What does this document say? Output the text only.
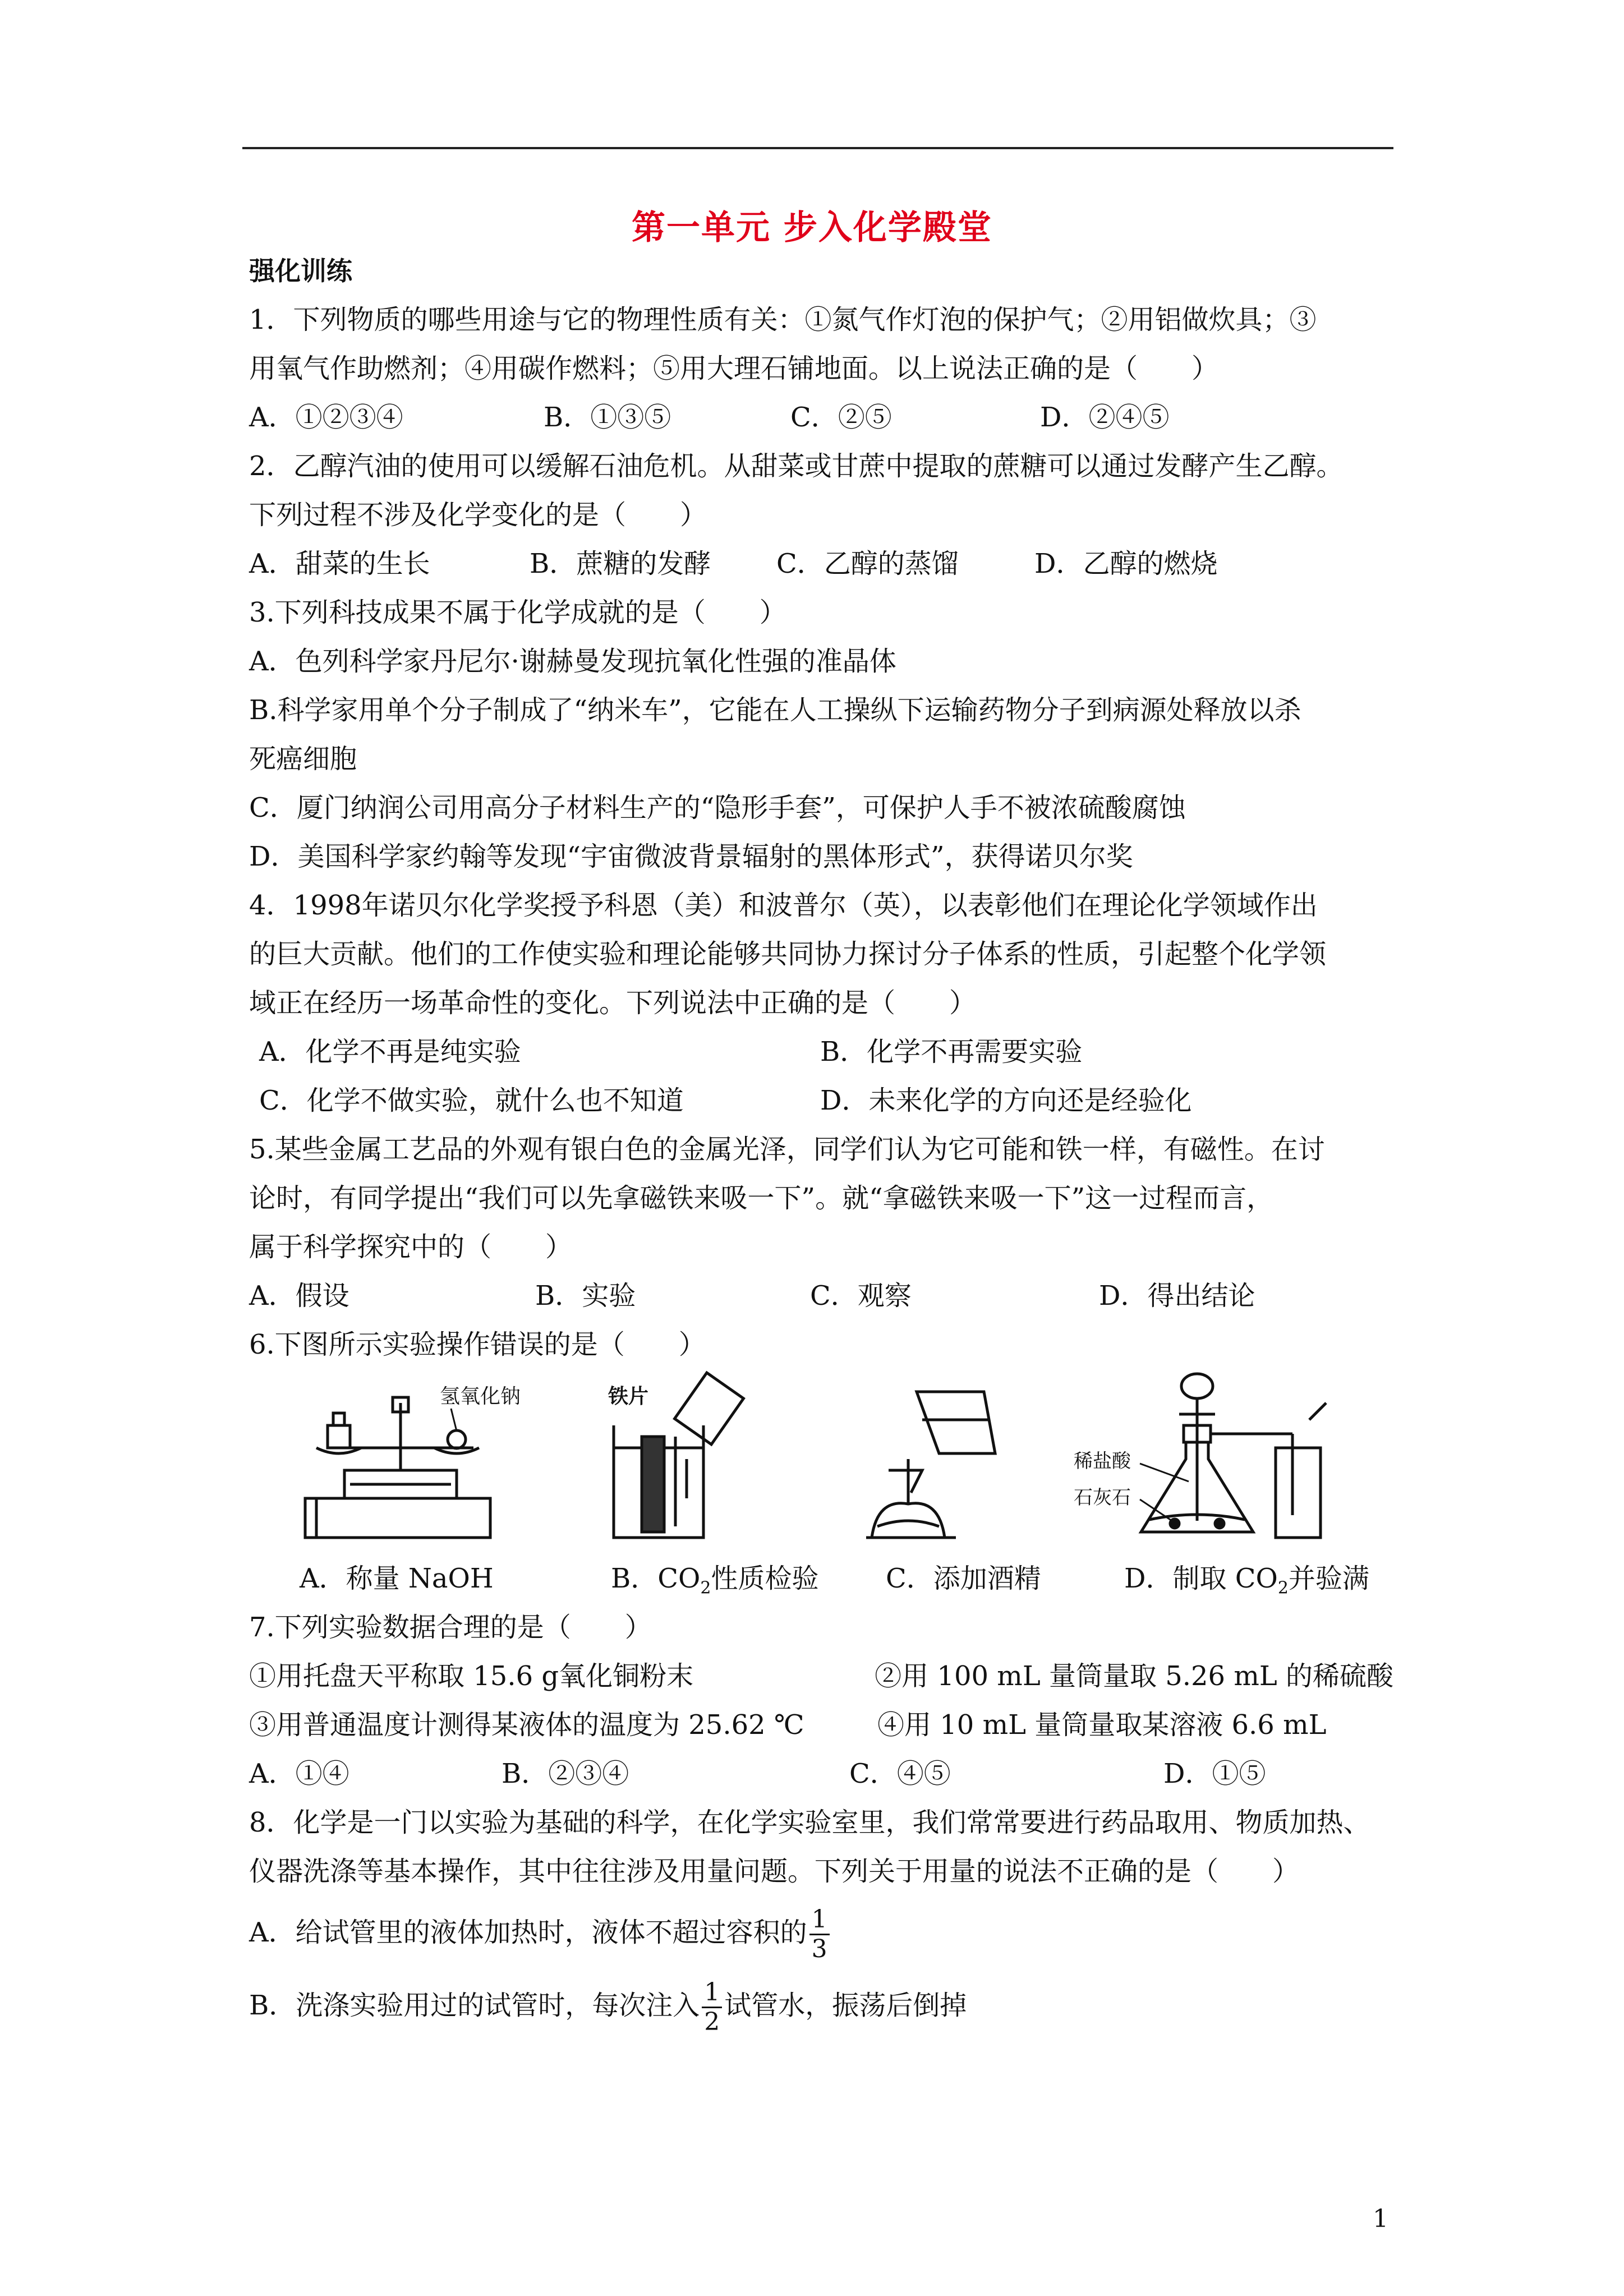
第一单元 步入化学殿堂
强化训练
1．下列物质的哪些用途与它的物理性质有关：①氮气作灯泡的保护气；②用铝做炊具；③
用氧气作助燃剂；④用碳作燃料；⑤用大理石铺地面。以上说法正确的是（　　）
A．①②③④	B．①③⑤	C．②⑤	D．②④⑤
2．乙醇汽油的使用可以缓解石油危机。从甜菜或甘蔗中提取的蔗糖可以通过发酵产生乙醇。
下列过程不涉及化学变化的是（　　）
A．甜菜的生长	B．蔗糖的发酵	C．乙醇的蒸馏	D．乙醇的燃烧
3.下列科技成果不属于化学成就的是（　　）
A．色列科学家丹尼尔·谢赫曼发现抗氧化性强的准晶体
B.科学家用单个分子制成了“纳米车”，它能在人工操纵下运输药物分子到病源处释放以杀
死癌细胞
C．厦门纳润公司用高分子材料生产的“隐形手套”，可保护人手不被浓硫酸腐蚀
D．美国科学家约翰等发现“宇宙微波背景辐射的黑体形式”，获得诺贝尔奖
4．1998年诺贝尔化学奖授予科恩（美）和波普尔（英），以表彰他们在理论化学领域作出
的巨大贡献。他们的工作使实验和理论能够共同协力探讨分子体系的性质，引起整个化学领
域正在经历一场革命性的变化。下列说法中正确的是（　　）
A．化学不再是纯实验	B．化学不再需要实验
C．化学不做实验，就什么也不知道	D．未来化学的方向还是经验化
5.某些金属工艺品的外观有银白色的金属光泽，同学们认为它可能和铁一样，有磁性。在讨
论时，有同学提出“我们可以先拿磁铁来吸一下”。就“拿磁铁来吸一下”这一过程而言，
属于科学探究中的（　　）
A．假设	B．实验	C．观察	D．得出结论
6.下图所示实验操作错误的是（　　）
氢氧化钠	铁片
稀盐酸
石灰石
A．称量 NaOH	B．$CO_2$性质检验	C．添加酒精	D．制取 $CO_2$并验满
7.下列实验数据合理的是（　　）
①用托盘天平称取 15.6 g氧化铜粉末	②用 100 mL 量筒量取 5.26 mL 的稀硫酸
③用普通温度计测得某液体的温度为 25.62 ℃	④用 10 mL 量筒量取某溶液 6.6 mL
A．①④	B．②③④	C．④⑤	D．①⑤
8．化学是一门以实验为基础的科学，在化学实验室里，我们常常要进行药品取用、物质加热、
仪器洗涤等基本操作，其中往往涉及用量问题。下列关于用量的说法不正确的是（　　）
A．给试管里的液体加热时，液体不超过容积的 $\frac{1}{3}$
B．洗涤实验用过的试管时，每次注入 $\frac{1}{2}$ 试管水，振荡后倒掉
1
